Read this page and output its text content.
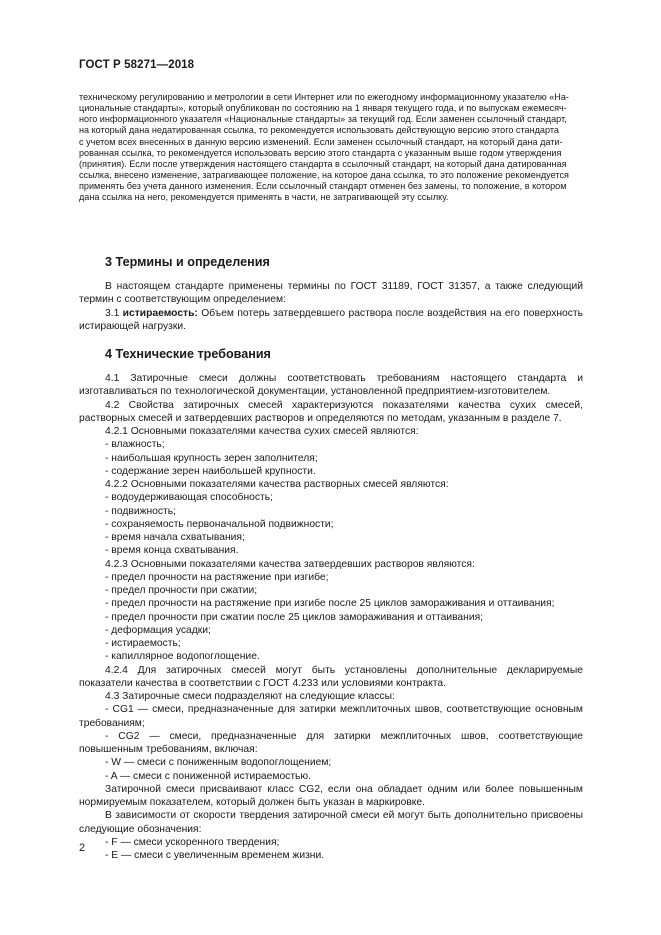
ГОСТ Р 58271—2018
техническому регулированию и метрологии в сети Интернет или по ежегодному информационному указателю «На-
циональные стандарты», который опубликован по состоянию на 1 января текущего года, и по выпускам ежемесяч-
ного информационного указателя «Национальные стандарты» за текущий год. Если заменен ссылочный стандарт,
на который дана недатированная ссылка, то рекомендуется использовать действующую версию этого стандарта
с учетом всех внесенных в данную версию изменений. Если заменен ссылочный стандарт, на который дана дати-
рованная ссылка, то рекомендуется использовать версию этого стандарта с указанным выше годом утверждения
(принятия). Если после утверждения настоящего стандарта в ссылочный стандарт, на который дана датированная
ссылка, внесено изменение, затрагивающее положение, на которое дана ссылка, то это положение рекомендуется
применять без учета данного изменения. Если ссылочный стандарт отменен без замены, то положение, в котором
дана ссылка на него, рекомендуется применять в части, не затрагивающей эту ссылку.
3 Термины и определения

В настоящем стандарте применены термины по ГОСТ 31189, ГОСТ 31357, а также следующий термин с соответствующим определением:

3.1 истираемость: Объем потерь затвердевшего раствора после воздействия на его поверхность истирающей нагрузки.

4 Технические требования

4.1 Затирочные смеси должны соответствовать требованиям настоящего стандарта и изготавливаться по технологической документации, установленной предприятием-изготовителем.

4.2 Свойства затирочных смесей характеризуются показателями качества сухих смесей, растворных смесей и затвердевших растворов и определяются по методам, указанным в разделе 7.

4.2.1 Основными показателями качества сухих смесей являются:

- влажность;

- наибольшая крупность зерен заполнителя;

- содержание зерен наибольшей крупности.

4.2.2 Основными показателями качества растворных смесей являются:

- водоудерживающая способность;

- подвижность;

- сохраняемость первоначальной подвижности;

- время начала схватывания;

- время конца схватывания.

4.2.3 Основными показателями качества затвердевших растворов являются:

- предел прочности на растяжение при изгибе;

- предел прочности при сжатии;

- предел прочности на растяжение при изгибе после 25 циклов замораживания и оттаивания;

- предел прочности при сжатии после 25 циклов замораживания и оттаивания;

- деформация усадки;

- истираемость;

- капиллярное водопоглощение.

4.2.4 Для затирочных смесей могут быть установлены дополнительные декларируемые показатели качества в соответствии с ГОСТ 4.233 или условиями контракта.

4.3 Затирочные смеси подразделяют на следующие классы:

- CG1 — смеси, предназначенные для затирки межплиточных швов, соответствующие основным требованиям;

- CG2 — смеси, предназначенные для затирки межплиточных швов, соответствующие повышенным требованиям, включая:

- W — смеси с пониженным водопоглощением;

- A — смеси с пониженной истираемостью.

Затирочной смеси присваивают класс CG2, если она обладает одним или более повышенным нормируемым показателем, который должен быть указан в маркировке.

В зависимости от скорости твердения затирочной смеси ей могут быть дополнительно присвоены следующие обозначения:

- F — смеси ускоренного твердения;

- E — смеси с увеличенным временем жизни.

2
